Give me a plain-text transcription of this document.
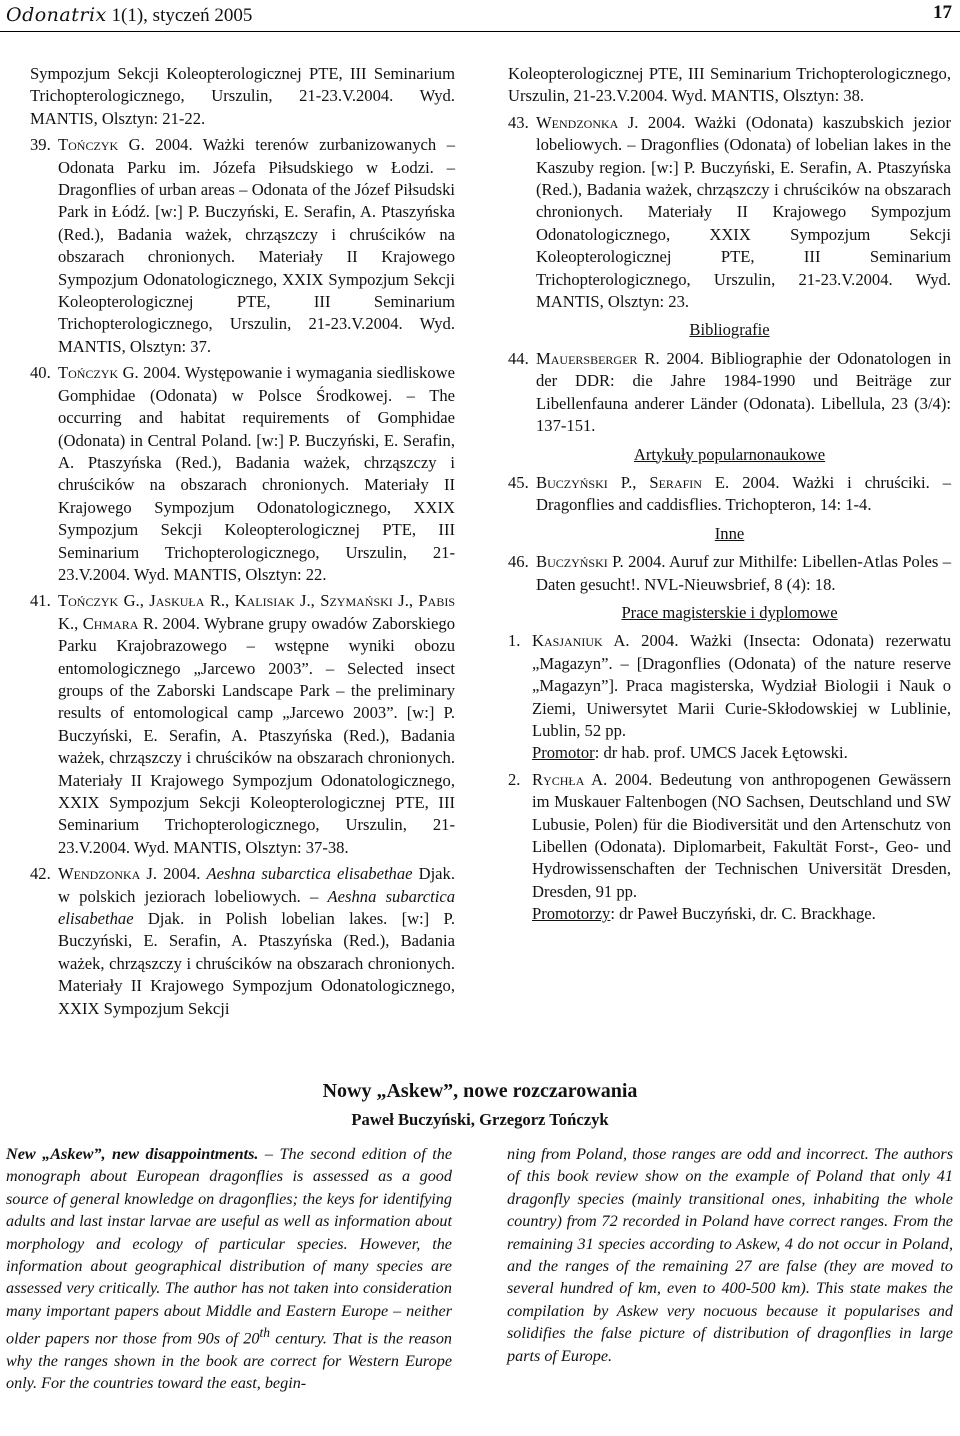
Odonatrix 1(1), styczeń 2005	17

Sympozjum Sekcji Koleopterologicznej PTE, III Seminarium Trichopterologicznego, Urszulin, 21-23.V.2004. Wyd. MANTIS, Olsztyn: 21-22.

39. Tończyk G. 2004. Ważki terenów zurbanizowanych – Odonata Parku im. Józefa Piłsudskiego w Łodzi. – Dragonflies of urban areas – Odonata of the Józef Piłsudski Park in Łódź. [w:] P. Buczyński, E. Serafin, A. Ptaszyńska (Red.), Badania ważek, chrząszczy i chruścików na obszarach chronionych. Materiały II Krajowego Sympozjum Odonatologicznego, XXIX Sympozjum Sekcji Koleopterologicznej PTE, III Seminarium Trichopterologicznego, Urszulin, 21-23.V.2004. Wyd. MANTIS, Olsztyn: 37.

40. Tończyk G. 2004. Występowanie i wymagania siedliskowe Gomphidae (Odonata) w Polsce Środkowej. – The occurring and habitat requirements of Gomphidae (Odonata) in Central Poland. [w:] P. Buczyński, E. Serafin, A. Ptaszyńska (Red.), Badania ważek, chrząszczy i chruścików na obszarach chronionych. Materiały II Krajowego Sympozjum Odonatologicznego, XXIX Sympozjum Sekcji Koleopterologicznej PTE, III Seminarium Trichopterologicznego, Urszulin, 21-23.V.2004. Wyd. MANTIS, Olsztyn: 22.

41. Tończyk G., Jaskuła R., Kalisiak J., Szymański J., Pabis K., Chmara R. 2004. Wybrane grupy owadów Zaborskiego Parku Krajobrazowego – wstępne wyniki obozu entomologicznego „Jarcewo 2003”. – Selected insect groups of the Zaborski Landscape Park – the preliminary results of entomological camp „Jarcewo 2003”. [w:] P. Buczyński, E. Serafin, A. Ptaszyńska (Red.), Badania ważek, chrząszczy i chruścików na obszarach chronionych. Materiały II Krajowego Sympozjum Odonatologicznego, XXIX Sympozjum Sekcji Koleopterologicznej PTE, III Seminarium Trichopterologicznego, Urszulin, 21-23.V.2004. Wyd. MANTIS, Olsztyn: 37-38.

42. Wendzonka J. 2004. Aeshna subarctica elisabethae Djak. w polskich jeziorach lobeliowych. – Aeshna subarctica elisabethae Djak. in Polish lobelian lakes. [w:] P. Buczyński, E. Serafin, A. Ptaszyńska (Red.), Badania ważek, chrząszczy i chruścików na obszarach chronionych. Materiały II Krajowego Sympozjum Odonatologicznego, XXIX Sympozjum Sekcji

Koleopterologicznej PTE, III Seminarium Trichopterologicznego, Urszulin, 21-23.V.2004. Wyd. MANTIS, Olsztyn: 38.

43. Wendzonka J. 2004. Ważki (Odonata) kaszubskich jezior lobeliowych. – Dragonflies (Odonata) of lobelian lakes in the Kaszuby region. [w:] P. Buczyński, E. Serafin, A. Ptaszyńska (Red.), Badania ważek, chrząszczy i chruścików na obszarach chronionych. Materiały II Krajowego Sympozjum Odonatologicznego, XXIX Sympozjum Sekcji Koleopterologicznej PTE, III Seminarium Trichopterologicznego, Urszulin, 21-23.V.2004. Wyd. MANTIS, Olsztyn: 23.

Bibliografie

44. Mauersberger R. 2004. Bibliographie der Odonatologen in der DDR: die Jahre 1984-1990 und Beiträge zur Libellenfauna anderer Länder (Odonata). Libellula, 23 (3/4): 137-151.

Artykuły popularnonaukowe

45. Buczyński P., Serafin E. 2004. Ważki i chruściki. – Dragonflies and caddisflies. Trichopteron, 14: 1-4.

Inne

46. Buczyński P. 2004. Auruf zur Mithilfe: Libellen-Atlas Poles – Daten gesucht!. NVL-Nieuwsbrief, 8 (4): 18.

Prace magisterskie i dyplomowe

1. Kasjaniuk A. 2004. Ważki (Insecta: Odonata) rezerwatu „Magazyn”. – [Dragonflies (Odonata) of the nature reserve „Magazyn”]. Praca magisterska, Wydział Biologii i Nauk o Ziemi, Uniwersytet Marii Curie-Skłodowskiej w Lublinie, Lublin, 52 pp.
Promotor: dr hab. prof. UMCS Jacek Łętowski.

2. Rychła A. 2004. Bedeutung von anthropogenen Gewässern im Muskauer Faltenbogen (NO Sachsen, Deutschland und SW Lubusie, Polen) für die Biodiversität und den Artenschutz von Libellen (Odonata). Diplomarbeit, Fakultät Forst-, Geo- und Hydrowissenschaften der Technischen Universität Dresden, Dresden, 91 pp.
Promotorzy: dr Paweł Buczyński, dr. C. Brackhage.

Nowy „Askew”, nowe rozczarowania
Paweł Buczyński, Grzegorz Tończyk
New „Askew”, new disappointments. – The second edition of the monograph about European dragonflies is assessed as a good source of general knowledge on dragonflies; the keys for identifying adults and last instar larvae are useful as well as information about morphology and ecology of particular species. However, the information about geographical distribution of many species are assessed very critically. The author has not taken into consideration many important papers about Middle and Eastern Europe – neither older papers nor those from 90s of 20th century. That is the reason why the ranges shown in the book are correct for Western Europe only. For the countries toward the east, begin-
ning from Poland, those ranges are odd and incorrect. The authors of this book review show on the example of Poland that only 41 dragonfly species (mainly transitional ones, inhabiting the whole country) from 72 recorded in Poland have correct ranges. From the remaining 31 species according to Askew, 4 do not occur in Poland, and the ranges of the remaining 27 are false (they are moved to several hundred of km, even to 400-500 km). This state makes the compilation by Askew very nocuous because it popularises and solidifies the false picture of distribution of dragonflies in large parts of Europe.
